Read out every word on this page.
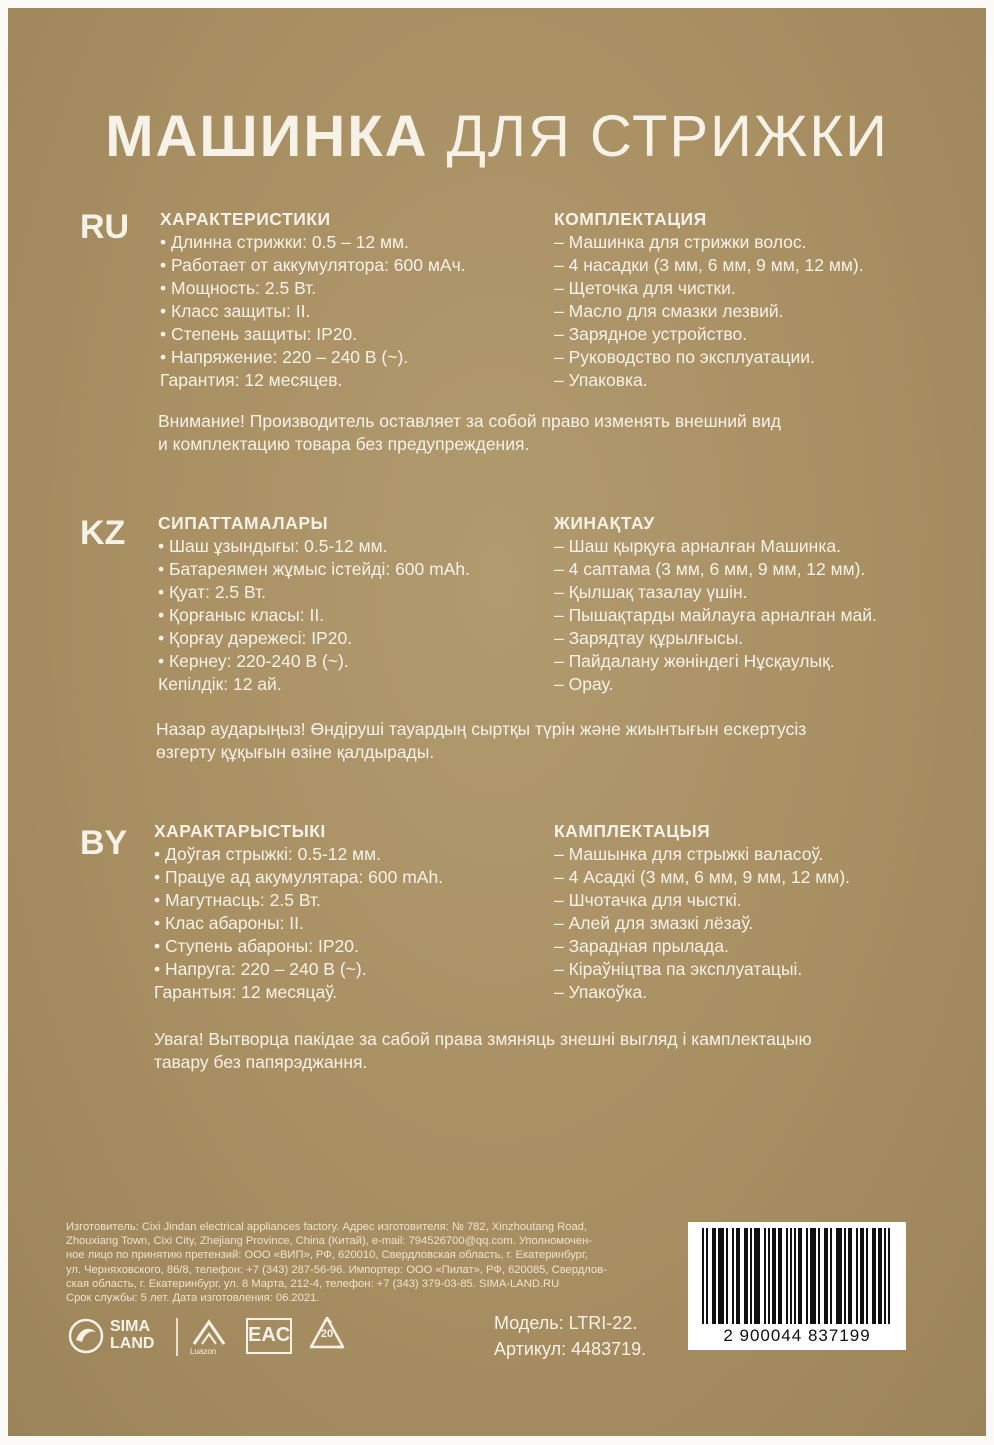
МАШИНКА ДЛЯ СТРИЖКИ
RU ХАРАКТЕРИСТИКИ
• Длинна стрижки: 0.5 – 12 мм.
• Работает от аккумулятора: 600 мАч.
• Мощность: 2.5 Вт.
• Класс защиты: II.
• Степень защиты: IP20.
• Напряжение: 220 – 240 В (~).
Гарантия: 12 месяцев.
КОМПЛЕКТАЦИЯ
– Машинка для стрижки волос.
– 4 насадки (3 мм, 6 мм, 9 мм, 12 мм).
– Щеточка для чистки.
– Масло для смазки лезвий.
– Зарядное устройство.
– Руководство по эксплуатации.
– Упаковка.
Внимание! Производитель оставляет за собой право изменять внешний вид
и комплектацию товара без предупреждения.
KZ СИПАТТАМАЛАРЫ
• Шаш ұзындығы: 0.5-12 мм.
• Батареямен жұмыс істейді: 600 mAh.
• Қуат: 2.5 Вт.
• Қорғаныс класы: II.
• Қорғау дәрежесі: IP20.
• Кернеу: 220-240 В (~).
Кепілдік: 12 ай.
ЖИНАҚТАУ
– Шаш қырқуға арналған Машинка.
– 4 саптама (3 мм, 6 мм, 9 мм, 12 мм).
– Қылшақ тазалау үшін.
– Пышақтарды майлауға арналған май.
– Зарядтау құрылғысы.
– Пайдалану жөніндегі Нұсқаулық.
– Орау.
Назар аударыңыз! Өндіруші тауардың сыртқы түрін және жиынтығын ескертусіз
өзгерту құқығын өзіне қалдырады.
BY ХАРАКТАРЫСТЫКІ
• Доўгая стрыжкі: 0.5-12 мм.
• Працуе ад акумулятара: 600 mAh.
• Магутнасць: 2.5 Вт.
• Клас абароны: II.
• Ступень абароны: IP20.
• Напруга: 220 – 240 В (~).
Гарантыя: 12 месяцаў.
КАМПЛЕКТАЦЫЯ
– Машынка для стрыжкі валасоў.
– 4 Асадкі (3 мм, 6 мм, 9 мм, 12 мм).
– Шчотачка для чысткі.
– Алей для змазкі лёзаў.
– Зарадная прылада.
– Кіраўніцтва па эксплуатацыі.
– Упакоўка.
Увага! Вытворца пакідае за сабой права змяняць знешні выгляд і камплектацыю
тавару без папярэджання.
Изготовитель: Cixi Jindan electrical appliances factory. Адрес изготовителя: № 782, Xinzhoutang Road,
Zhouxiang Town, Cixi City, Zhejiang Province, China (Китай), e-mail: 794526700@qq.com. Уполномочен-
ное лицо по принятию претензий: ООО «ВИП», РФ, 620010, Свердловская область, г. Екатеринбург,
ул. Черняховского, 86/8, телефон: +7 (343) 287-56-96. Импортер: ООО «Пилат», РФ, 620085, Свердлов-
ская область, г. Екатеринбург, ул. 8 Марта, 212-4, телефон: +7 (343) 379-03-85. SIMA-LAND.RU
Срок службы: 5 лет. Дата изготовления: 06.2021.
SIMA
LAND	Luazon
EAC	20
Модель: LTRI-22.
Артикул: 4483719.
2 900044 837199
